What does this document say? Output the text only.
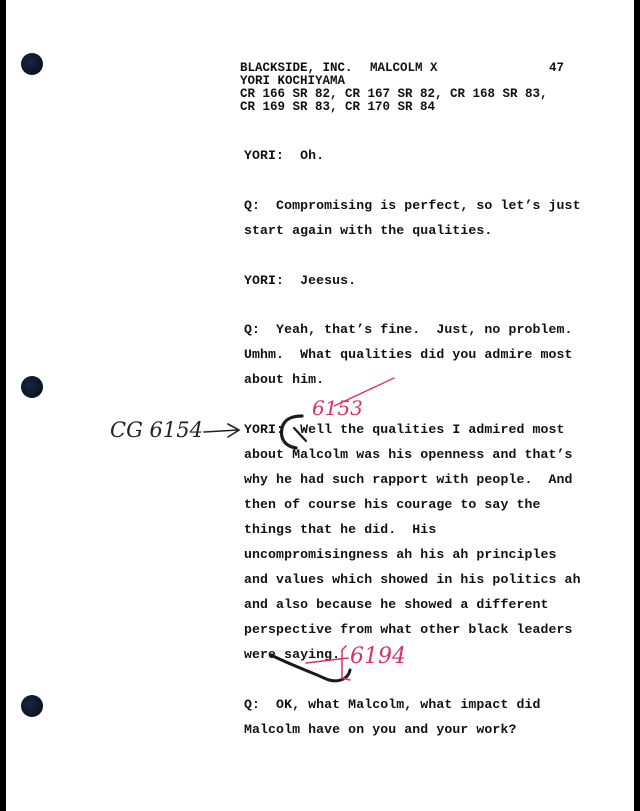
BLACKSIDE, INC. MALCOLM X	47
YORI KOCHIYAMA
CR 166 SR 82, CR 167 SR 82, CR 168 SR 83,
CR 169 SR 83, CR 170 SR 84
YORI:  Oh.
Q:  Compromising is perfect, so let’s just
start again with the qualities.
YORI:  Jeesus.
Q:  Yeah, that’s fine.  Just, no problem.
Umhm.  What qualities did you admire most
about him.
YORI:  Well the qualities I admired most
about Malcolm was his openness and that’s
why he had such rapport with people.  And
then of course his courage to say the
things that he did.  His
uncompromisingness ah his ah principles
and values which showed in his politics ah
and also because he showed a different
perspective from what other black leaders
were saying.
Q:  OK, what Malcolm, what impact did
Malcolm have on you and your work?
CG 6154
6153
6194
